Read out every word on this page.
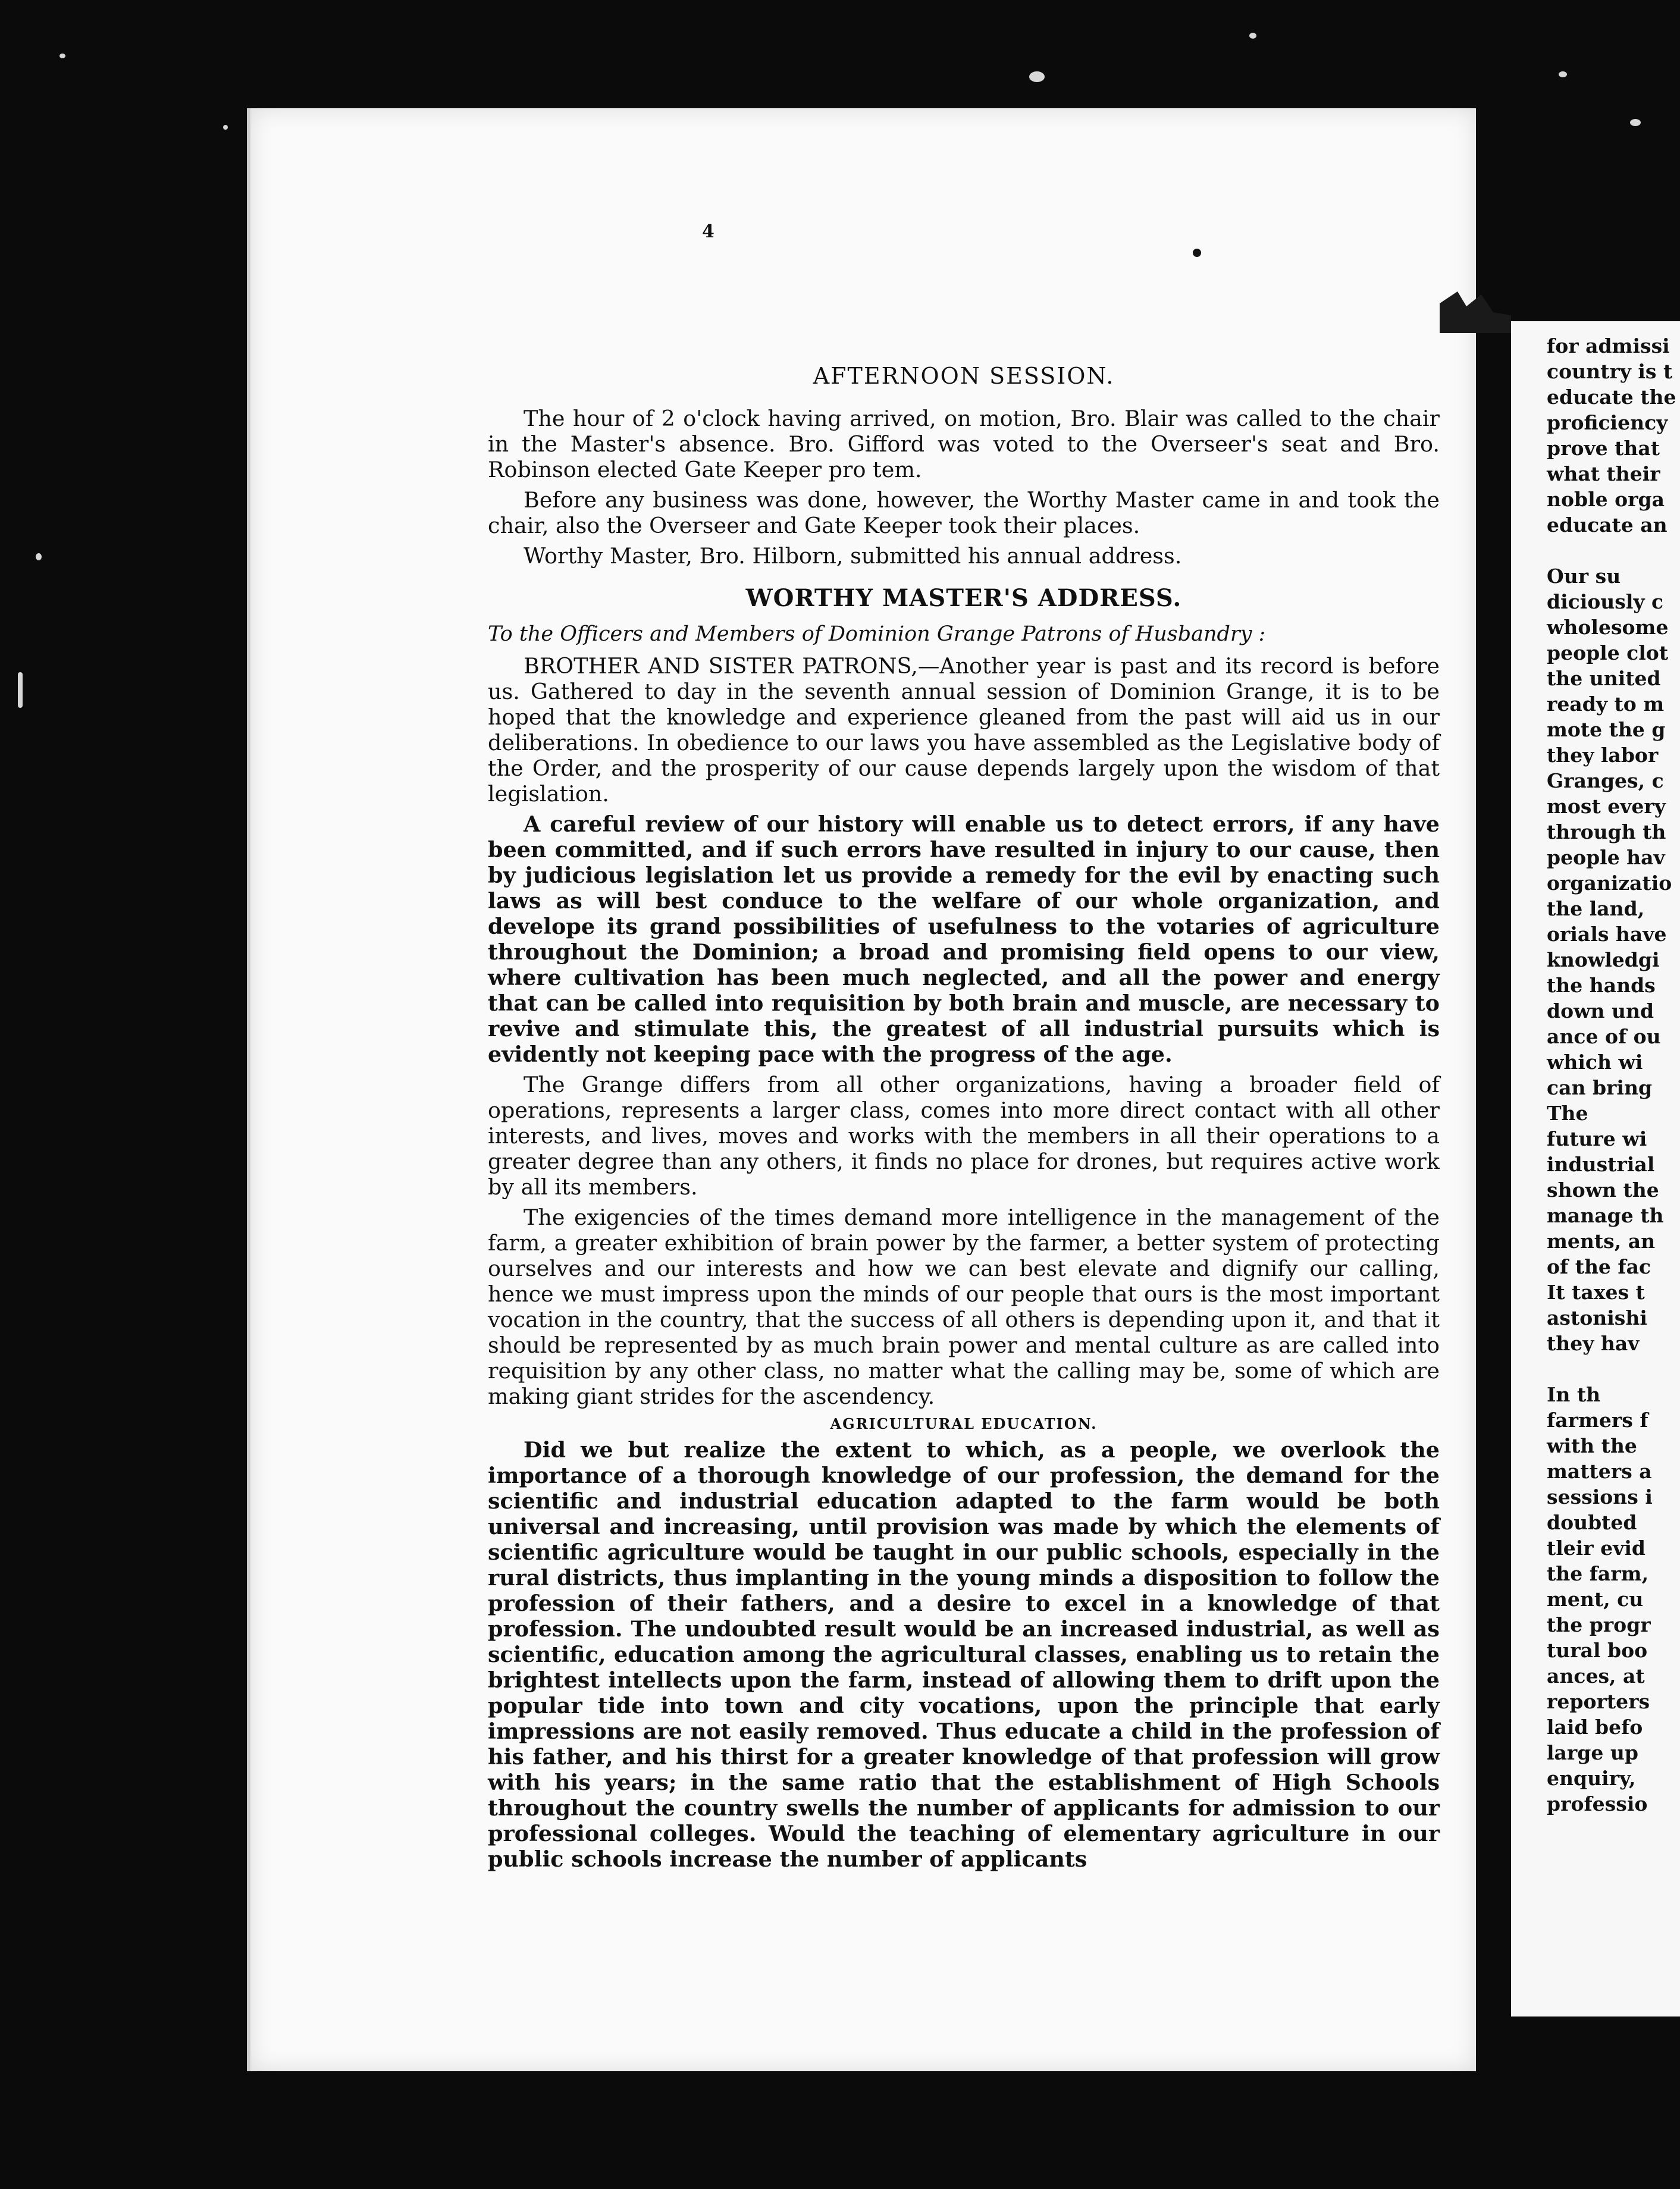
4
AFTERNOON SESSION.

The hour of 2 o'clock having arrived, on motion, Bro. Blair was called to the chair in the Master's absence. Bro. Gifford was voted to the Overseer's seat and Bro. Robinson elected Gate Keeper pro tem.

Before any business was done, however, the Worthy Master came in and took the chair, also the Overseer and Gate Keeper took their places.

Worthy Master, Bro. Hilborn, submitted his annual address.

WORTHY MASTER'S ADDRESS.

To the Officers and Members of Dominion Grange Patrons of Husbandry :

BROTHER AND SISTER PATRONS,—Another year is past and its record is before us. Gathered to day in the seventh annual session of Dominion Grange, it is to be hoped that the knowledge and experience gleaned from the past will aid us in our deliberations. In obedience to our laws you have assembled as the Legislative body of the Order, and the prosperity of our cause depends largely upon the wisdom of that legislation.

A careful review of our history will enable us to detect errors, if any have been committed, and if such errors have resulted in injury to our cause, then by judicious legislation let us provide a remedy for the evil by enacting such laws as will best conduce to the welfare of our whole organization, and develope its grand possibilities of usefulness to the votaries of agriculture throughout the Dominion; a broad and promising field opens to our view, where cultivation has been much neglected, and all the power and energy that can be called into requisition by both brain and muscle, are necessary to revive and stimulate this, the greatest of all industrial pursuits which is evidently not keeping pace with the progress of the age.

The Grange differs from all other organizations, having a broader field of operations, represents a larger class, comes into more direct contact with all other interests, and lives, moves and works with the members in all their operations to a greater degree than any others, it finds no place for drones, but requires active work by all its members.

The exigencies of the times demand more intelligence in the management of the farm, a greater exhibition of brain power by the farmer, a better system of protecting ourselves and our interests and how we can best elevate and dignify our calling, hence we must impress upon the minds of our people that ours is the most important vocation in the country, that the success of all others is depending upon it, and that it should be represented by as much brain power and mental culture as are called into requisition by any other class, no matter what the calling may be, some of which are making giant strides for the ascendency.

AGRICULTURAL EDUCATION.

Did we but realize the extent to which, as a people, we overlook the importance of a thorough knowledge of our profession, the demand for the scientific and industrial education adapted to the farm would be both universal and increasing, until provision was made by which the elements of scientific agriculture would be taught in our public schools, especially in the rural districts, thus implanting in the young minds a disposition to follow the profession of their fathers, and a desire to excel in a knowledge of that profession. The undoubted result would be an increased industrial, as well as scientific, education among the agricultural classes, enabling us to retain the brightest intellects upon the farm, instead of allowing them to drift upon the popular tide into town and city vocations, upon the principle that early impressions are not easily removed. Thus educate a child in the profession of his father, and his thirst for a greater knowledge of that profession will grow with his years; in the same ratio that the establishment of High Schools throughout the country swells the number of applicants for admission to our professional colleges. Would the teaching of elementary agriculture in our public schools increase the number of applicants

for admissi
country is t
educate the
proficiency
prove that
what their
noble orga
educate an
Our su
diciously c
wholesome
people clot
the united
ready to m
mote the g
they labor
Granges, c
most every
through th
people hav
organizatio
the land,
orials have
knowledgi
the hands
down und
ance of ou
which wi
can bring
The
future wi
industrial
shown the
manage th
ments, an
of the fac
It taxes t
astonishi
they hav
In th
farmers f
with the
matters a
sessions i
doubted
tleir evid
the farm,
ment, cu
the progr
tural boo
ances, at
reporters
laid befo
large up
enquiry,
professio
